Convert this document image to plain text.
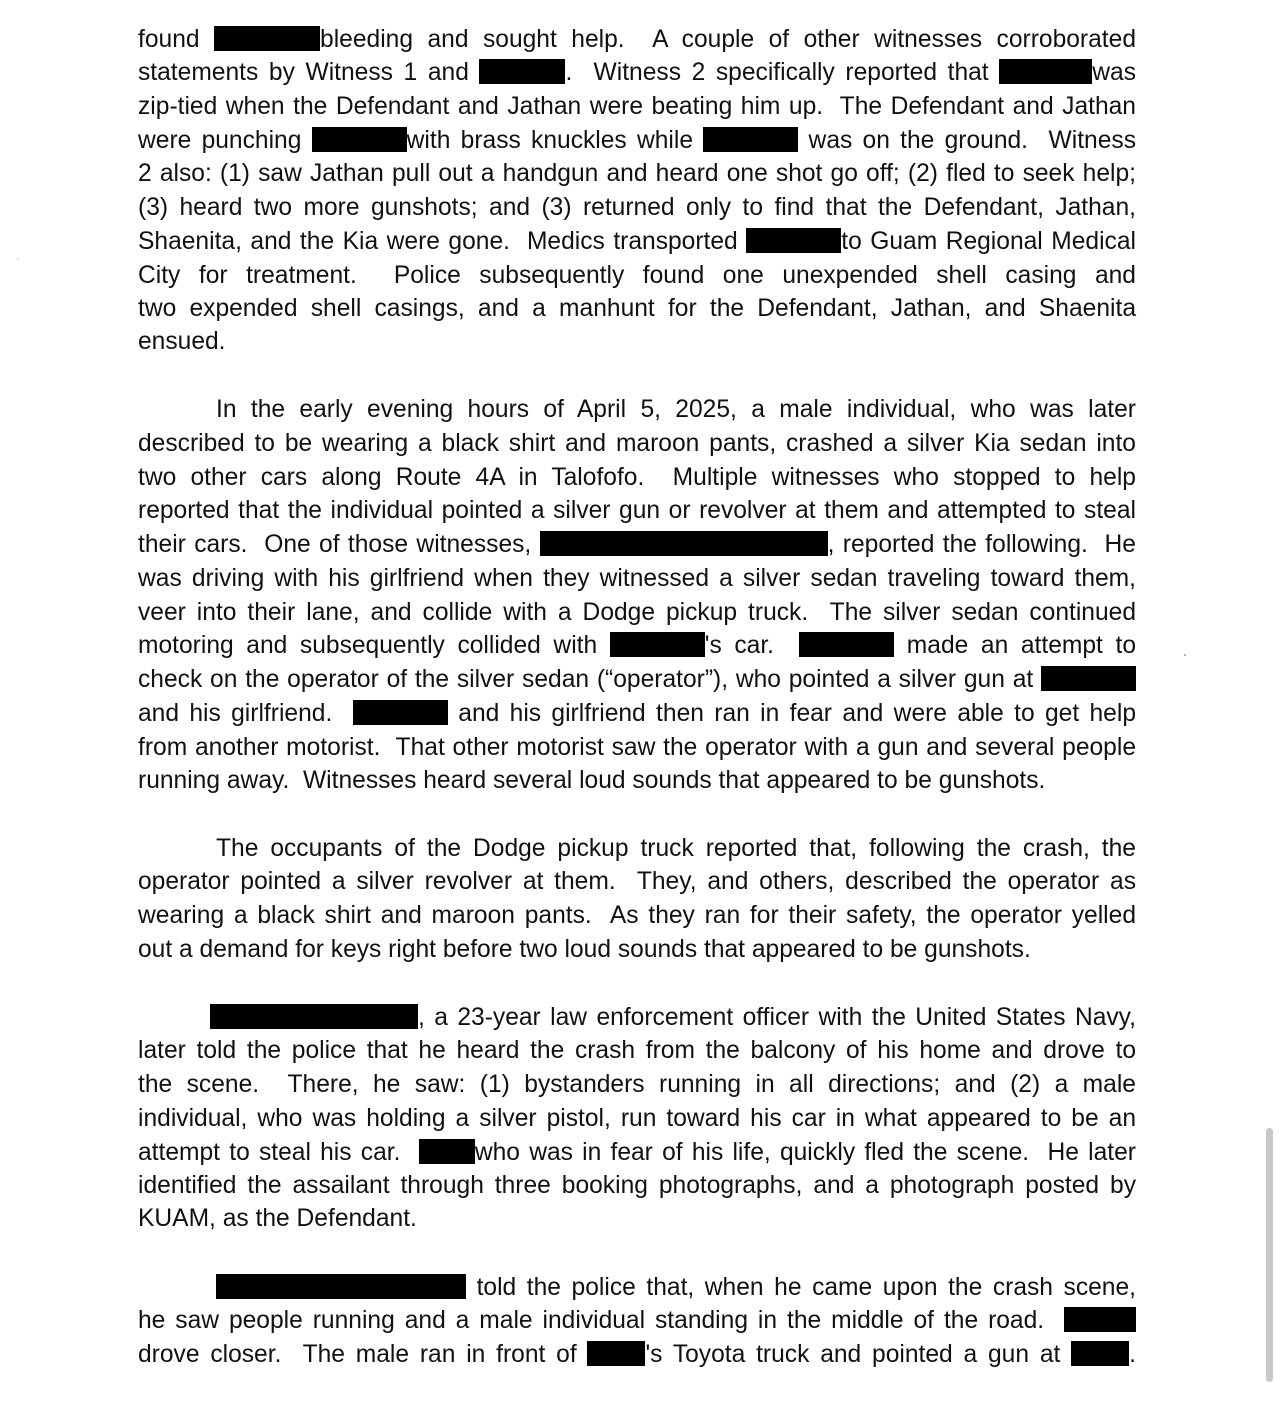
found	bleeding and sought help.  A couple of other witnesses corroborated
statements by Witness 1 and	.  Witness 2 specifically reported that	was
zip-tied when the Defendant and Jathan were beating him up.  The Defendant and Jathan
were punching	with brass knuckles while	was on the ground.  Witness
2 also: (1) saw Jathan pull out a handgun and heard one shot go off; (2) fled to seek help;
(3) heard two more gunshots; and (3) returned only to find that the Defendant, Jathan,
Shaenita, and the Kia were gone.  Medics transported	to Guam Regional Medical
City for treatment.  Police subsequently found one unexpended shell casing and
two expended shell casings, and a manhunt for the Defendant, Jathan, and Shaenita
ensued.
In the early evening hours of April 5, 2025, a male individual, who was later
described to be wearing a black shirt and maroon pants, crashed a silver Kia sedan into
two other cars along Route 4A in Talofofo.  Multiple witnesses who stopped to help
reported that the individual pointed a silver gun or revolver at them and attempted to steal
their cars.  One of those witnesses,	, reported the following.  He
was driving with his girlfriend when they witnessed a silver sedan traveling toward them,
veer into their lane, and collide with a Dodge pickup truck.  The silver sedan continued
motoring and subsequently collided with	's car.	made an attempt to
check on the operator of the silver sedan (“operator”), who pointed a silver gun at
and his girlfriend.	and his girlfriend then ran in fear and were able to get help
from another motorist.  That other motorist saw the operator with a gun and several people
running away.  Witnesses heard several loud sounds that appeared to be gunshots.
The occupants of the Dodge pickup truck reported that, following the crash, the
operator pointed a silver revolver at them.  They, and others, described the operator as
wearing a black shirt and maroon pants.  As they ran for their safety, the operator yelled
out a demand for keys right before two loud sounds that appeared to be gunshots.
, a 23-year law enforcement officer with the United States Navy,
later told the police that he heard the crash from the balcony of his home and drove to
the scene.  There, he saw: (1) bystanders running in all directions; and (2) a male
individual, who was holding a silver pistol, run toward his car in what appeared to be an
attempt to steal his car.  who was in fear of his life, quickly fled the scene.  He later
identified the assailant through three booking photographs, and a photograph posted by
KUAM, as the Defendant.
told the police that, when he came upon the crash scene,
he saw people running and a male individual standing in the middle of the road.
drove closer.  The male ran in front of 's Toyota truck and pointed a gun at .
